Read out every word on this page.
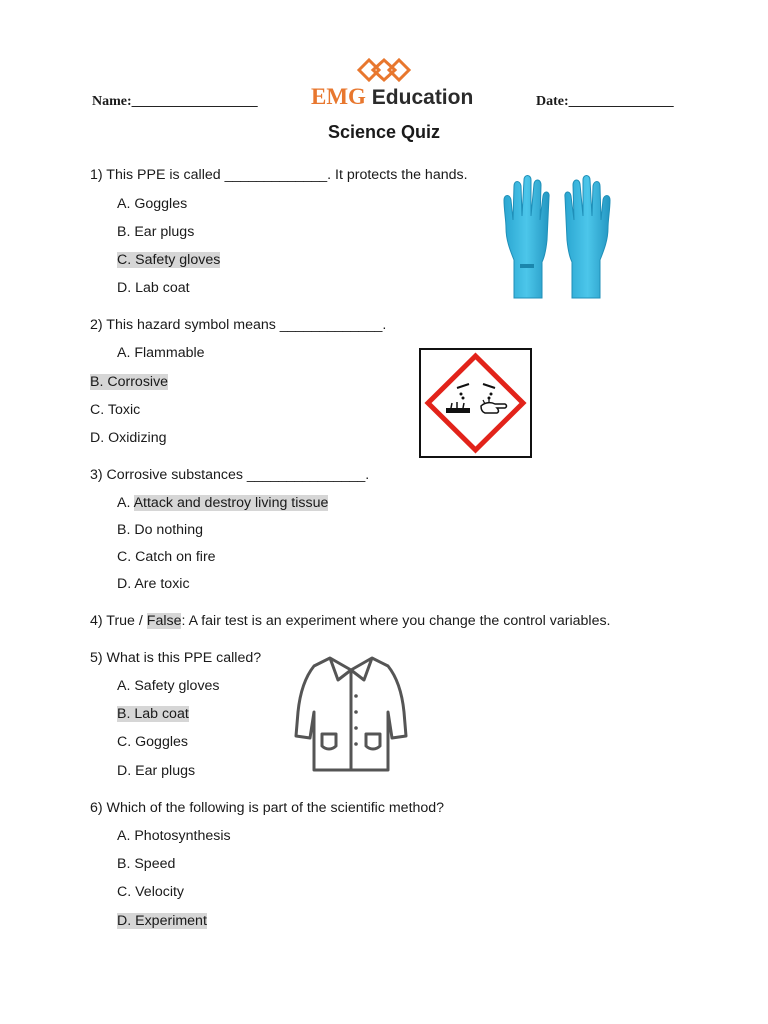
Name:__________________ EMG Education	Date:_______________
Science Quiz
1) This PPE is called _____________. It protects the hands.
A. Goggles
B. Ear plugs
C. Safety gloves
D. Lab coat
2) This hazard symbol means _____________.
A. Flammable
B. Corrosive
C. Toxic
D. Oxidizing
3) Corrosive substances _______________.
A. Attack and destroy living tissue
B. Do nothing
C. Catch on fire
D. Are toxic
4) True / False: A fair test is an experiment where you change the control variables.
5) What is this PPE called?
A. Safety gloves
B. Lab coat
C. Goggles
D. Ear plugs
6) Which of the following is part of the scientific method?
A. Photosynthesis
B. Speed
C. Velocity
D. Experiment
